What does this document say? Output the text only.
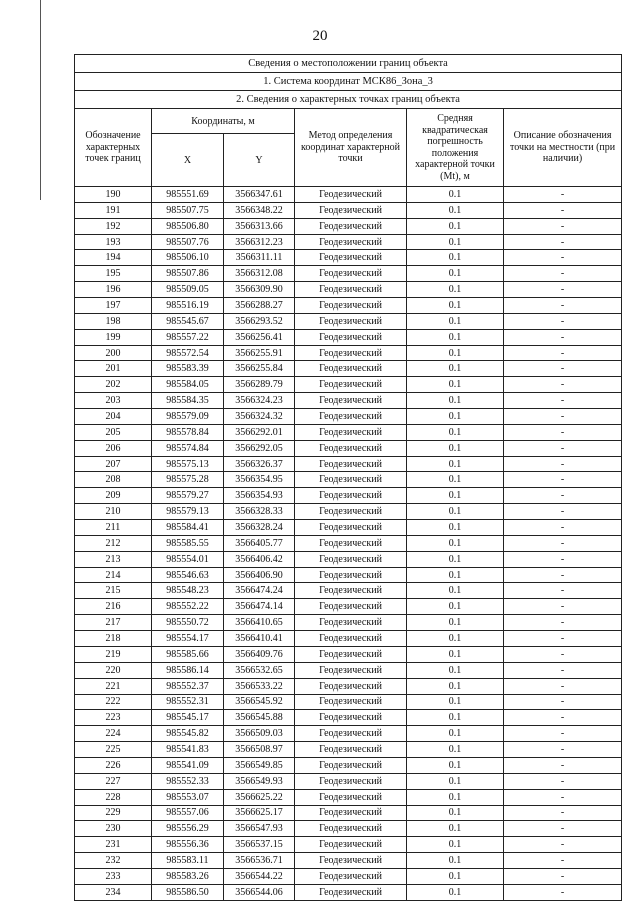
20
Сведения о местоположении границ объекта					
1. Система координат МСК86_Зона_3					
2. Сведения о характерных точках границ объекта					
Обозначение характерных точек границ	Координаты, м		Метод определения координат характерной точки	Средняя квадратическая погрешность положения характерной точки (Mt), м	Описание обозначения точки на местности (при наличии)
	X	Y			
190	985551.69	3566347.61	Геодезический	0.1	-
191	985507.75	3566348.22	Геодезический	0.1	-
192	985506.80	3566313.66	Геодезический	0.1	-
193	985507.76	3566312.23	Геодезический	0.1	-
194	985506.10	3566311.11	Геодезический	0.1	-
195	985507.86	3566312.08	Геодезический	0.1	-
196	985509.05	3566309.90	Геодезический	0.1	-
197	985516.19	3566288.27	Геодезический	0.1	-
198	985545.67	3566293.52	Геодезический	0.1	-
199	985557.22	3566256.41	Геодезический	0.1	-
200	985572.54	3566255.91	Геодезический	0.1	-
201	985583.39	3566255.84	Геодезический	0.1	-
202	985584.05	3566289.79	Геодезический	0.1	-
203	985584.35	3566324.23	Геодезический	0.1	-
204	985579.09	3566324.32	Геодезический	0.1	-
205	985578.84	3566292.01	Геодезический	0.1	-
206	985574.84	3566292.05	Геодезический	0.1	-
207	985575.13	3566326.37	Геодезический	0.1	-
208	985575.28	3566354.95	Геодезический	0.1	-
209	985579.27	3566354.93	Геодезический	0.1	-
210	985579.13	3566328.33	Геодезический	0.1	-
211	985584.41	3566328.24	Геодезический	0.1	-
212	985585.55	3566405.77	Геодезический	0.1	-
213	985554.01	3566406.42	Геодезический	0.1	-
214	985546.63	3566406.90	Геодезический	0.1	-
215	985548.23	3566474.24	Геодезический	0.1	-
216	985552.22	3566474.14	Геодезический	0.1	-
217	985550.72	3566410.65	Геодезический	0.1	-
218	985554.17	3566410.41	Геодезический	0.1	-
219	985585.66	3566409.76	Геодезический	0.1	-
220	985586.14	3566532.65	Геодезический	0.1	-
221	985552.37	3566533.22	Геодезический	0.1	-
222	985552.31	3566545.92	Геодезический	0.1	-
223	985545.17	3566545.88	Геодезический	0.1	-
224	985545.82	3566509.03	Геодезический	0.1	-
225	985541.83	3566508.97	Геодезический	0.1	-
226	985541.09	3566549.85	Геодезический	0.1	-
227	985552.33	3566549.93	Геодезический	0.1	-
228	985553.07	3566625.22	Геодезический	0.1	-
229	985557.06	3566625.17	Геодезический	0.1	-
230	985556.29	3566547.93	Геодезический	0.1	-
231	985556.36	3566537.15	Геодезический	0.1	-
232	985583.11	3566536.71	Геодезический	0.1	-
233	985583.26	3566544.22	Геодезический	0.1	-
234	985586.50	3566544.06	Геодезический	0.1	-
